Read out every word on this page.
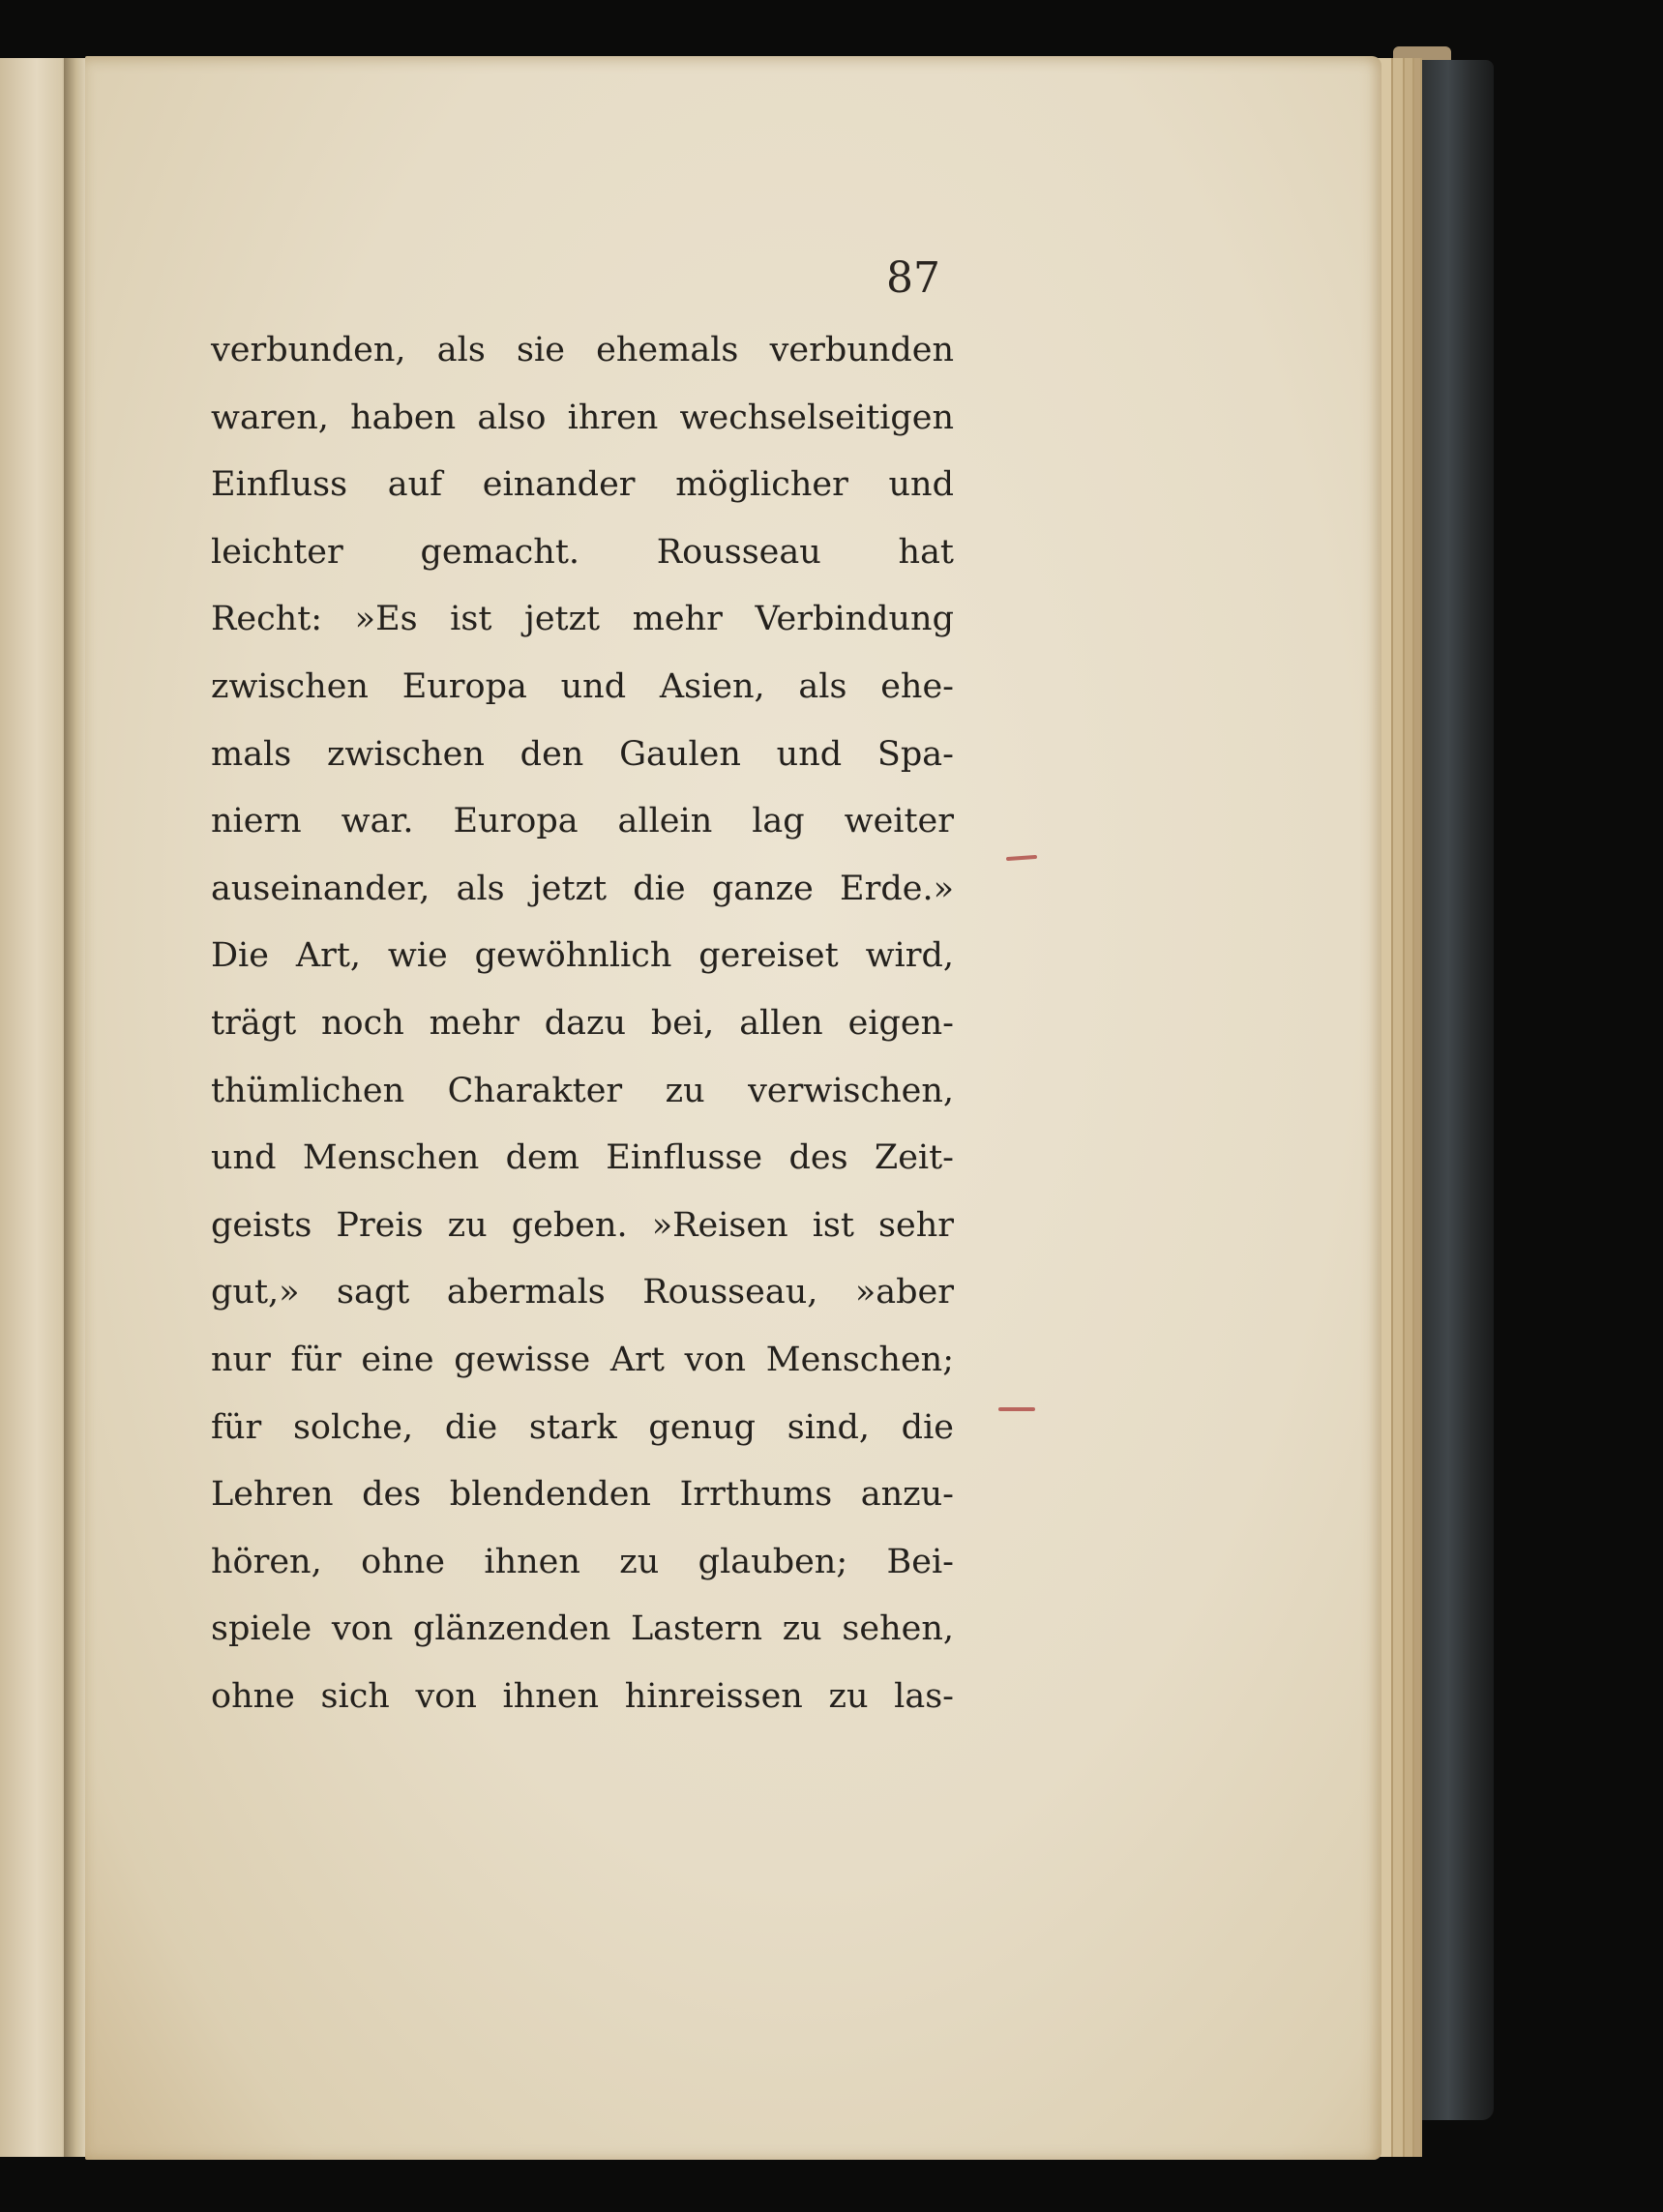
87

verbunden, als sie ehemals verbunden
waren, haben also ihren wechselseitigen
Einfluss auf einander möglicher und
leichter gemacht. Rousseau hat
Recht: »Es ist jetzt mehr Verbindung
zwischen Europa und Asien, als ehe-
mals zwischen den Gaulen und Spa-
niern war. Europa allein lag weiter
auseinander, als jetzt die ganze Erde.»
Die Art, wie gewöhnlich gereiset wird,
trägt noch mehr dazu bei, allen eigen-
thümlichen Charakter zu verwischen,
und Menschen dem Einflusse des Zeit-
geists Preis zu geben. »Reisen ist sehr
gut,» sagt abermals Rousseau, »aber
nur für eine gewisse Art von Menschen;
für solche, die stark genug sind, die
Lehren des blendenden Irrthums anzu-
hören, ohne ihnen zu glauben; Bei-
spiele von glänzenden Lastern zu sehen,
ohne sich von ihnen hinreissen zu las-
